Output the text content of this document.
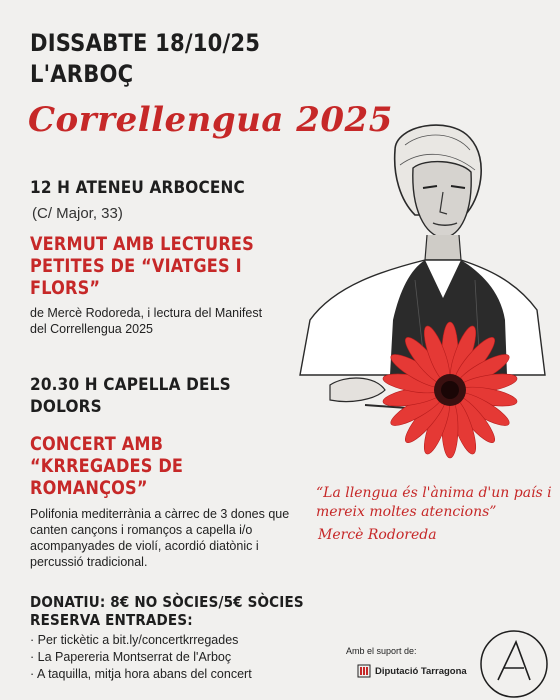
DISSABTE 18/10/25
L'ARBOÇ
Correllengua 2025
12 H ATENEU ARBOCENC
(C/ Major, 33)
VERMUT AMB LECTURES PETITES DE “VIATGES I FLORS”
de Mercè Rodoreda, i lectura del Manifest del Correllengua 2025
20.30 H CAPELLA DELS DOLORS
CONCERT AMB “KRREGADES DE ROMANÇOS”
Polifonia mediterrània a càrrec de 3 dones que canten cançons i romanços a capella i/o acompanyades de violí, acordió diatònic i percussió tradicional.
DONATIU: 8€ NO SÒCIES/5€ SÒCIES
RESERVA ENTRADES:
· Per tickètic a bit.ly/concertkrregades
· La Papereria Montserrat de l'Arboç
· A taquilla, mitja hora abans del concert
“La llengua és l'ànima d'un país i mereix moltes atencions”
Mercè Rodoreda
Amb el suport de:
Diputació Tarragona
